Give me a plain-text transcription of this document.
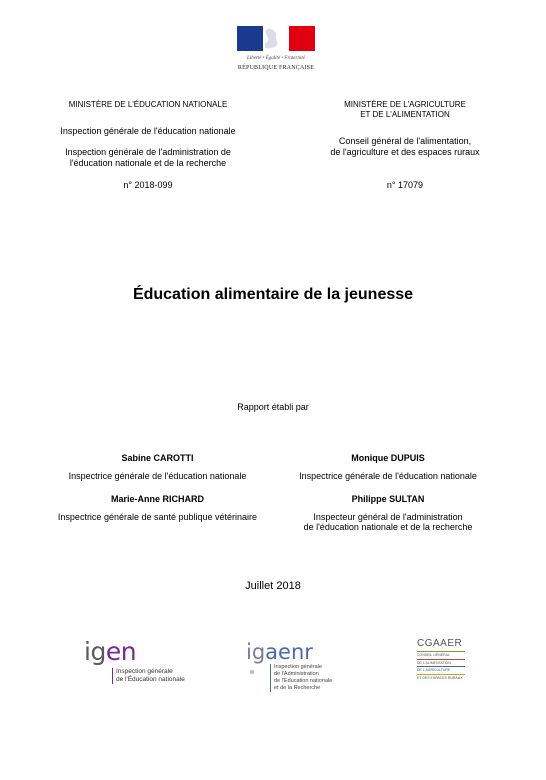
Liberté • Égalité • Fraternité
RÉPUBLIQUE FRANÇAISE
MINISTÈRE DE L'ÉDUCATION NATIONALE
Inspection générale de l'éducation nationale
Inspection générale de l'administration de
l'éducation nationale et de la recherche
n° 2018-099
MINISTÈRE DE L'AGRICULTURE
ET DE L'ALIMENTATION
Conseil général de l'alimentation,
de l'agriculture et des espaces ruraux
n° 17079
Éducation alimentaire de la jeunesse
Rapport établi par
Sabine CAROTTI
Inspectrice générale de l'éducation nationale
Monique DUPUIS
Inspectrice générale de l'éducation nationale
Marie-Anne RICHARD
Inspectrice générale de santé publique vétérinaire
Philippe SULTAN
Inspecteur général de l'administration
de l'éducation nationale et de la recherche
Juillet 2018
igen
Inspection générale
de l'Éducation nationale
igaenr
Inspection générale
de l'Administration
de l'Éducation nationale
et de la Recherche
CGAAER
CONSEIL GÉNÉRAL
DE L'ALIMENTATION
DE L'AGRICULTURE
ET DES ESPACES RURAUX
